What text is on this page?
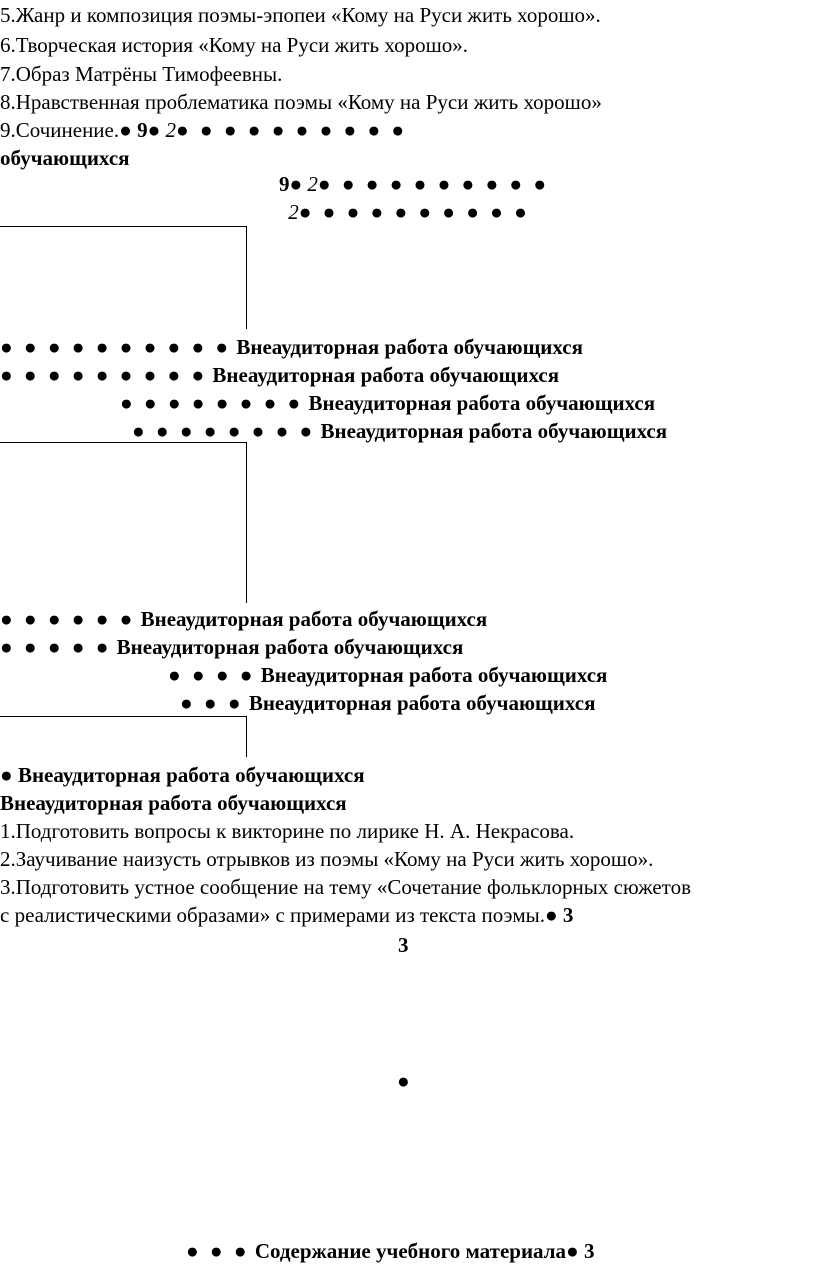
5.Жанр и композиция поэмы-эпопеи «Кому на Руси жить хорошо».
6.Творческая история «Кому на Руси жить хорошо».
7.Образ Матрёны Тимофеевны.
8.Нравственная проблематика поэмы «Кому на Руси жить хорошо»
9.Сочинение.● 9● 2● ● ● ● ● ● ● ● ● ●
обучающихся
9● 2● ● ● ● ● ● ● ● ● ●
2● ● ● ● ● ● ● ● ● ●
● ● ● ● ● ● ● ● ● ● Внеаудиторная работа обучающихся
● ● ● ● ● ● ● ● ● Внеаудиторная работа обучающихся
● ● ● ● ● ● ● ● Внеаудиторная работа обучающихся
● ● ● ● ● ● ● ● Внеаудиторная работа обучающихся
● ● ● ● ● ● Внеаудиторная работа обучающихся
● ● ● ● ● Внеаудиторная работа обучающихся
● ● ● ● Внеаудиторная работа обучающихся
● ● ● Внеаудиторная работа обучающихся
● Внеаудиторная работа обучающихся
Внеаудиторная работа обучающихся
1.Подготовить вопросы к викторине по лирике Н. А. Некрасова.
2.Заучивание наизусть отрывков из поэмы «Кому на Руси жить хорошо».
3.Подготовить устное сообщение на тему «Сочетание фольклорных сюжетов
с реалистическими образами» с примерами из текста поэмы.● 3
3
●
● ● ● Содержание учебного материала● 3
